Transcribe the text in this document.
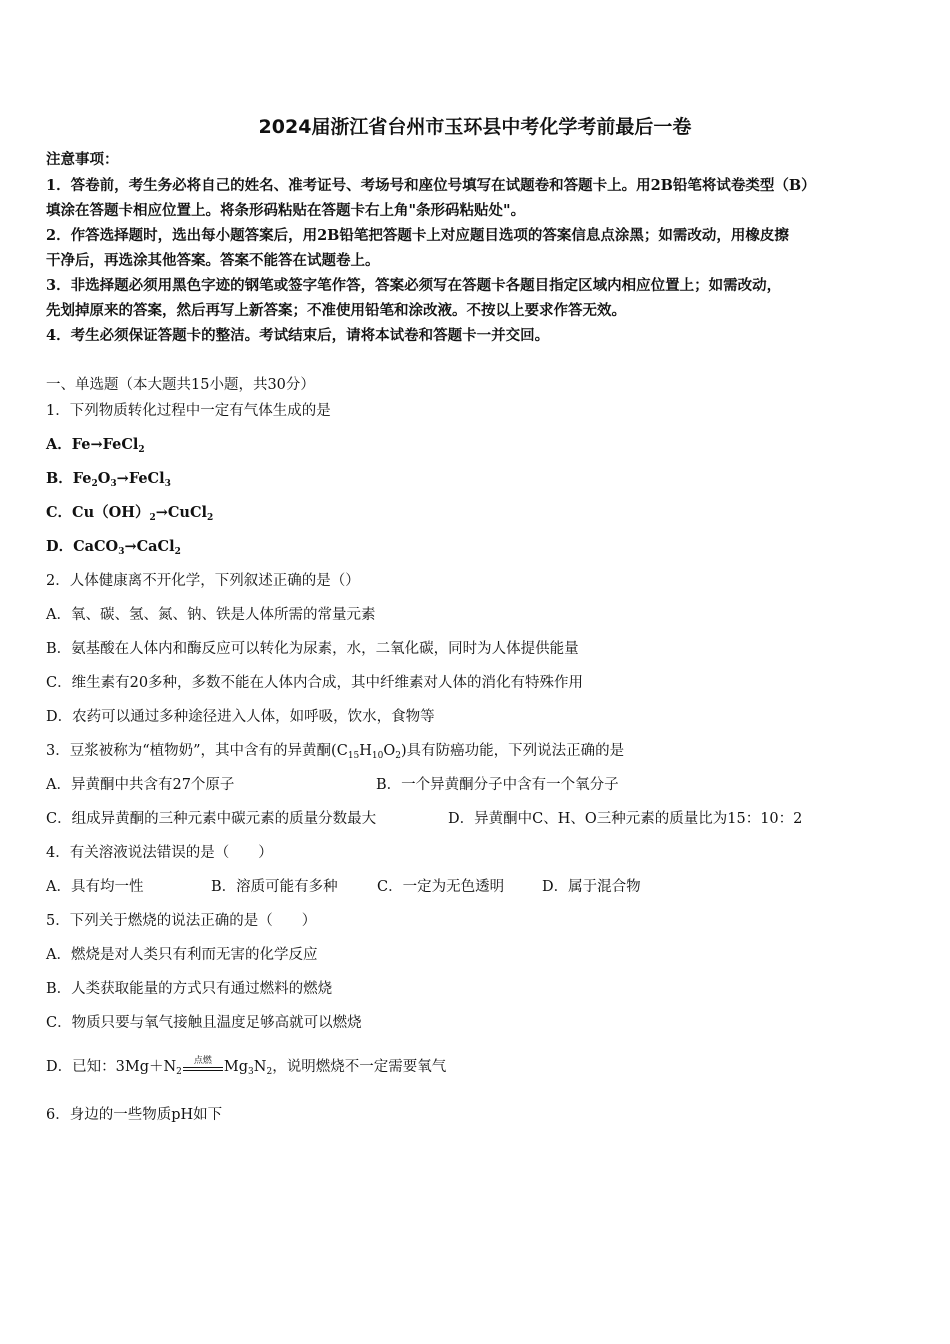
2024届浙江省台州市玉环县中考化学考前最后一卷
注意事项：
1．答卷前，考生务必将自己的姓名、准考证号、考场号和座位号填写在试题卷和答题卡上。用2B铅笔将试卷类型（B）
填涂在答题卡相应位置上。将条形码粘贴在答题卡右上角"条形码粘贴处"。
2．作答选择题时，选出每小题答案后，用2B铅笔把答题卡上对应题目选项的答案信息点涂黑；如需改动，用橡皮擦
干净后，再选涂其他答案。答案不能答在试题卷上。
3．非选择题必须用黑色字迹的钢笔或签字笔作答，答案必须写在答题卡各题目指定区域内相应位置上；如需改动，
先划掉原来的答案，然后再写上新答案；不准使用铅笔和涂改液。不按以上要求作答无效。
4．考生必须保证答题卡的整洁。考试结束后，请将本试卷和答题卡一并交回。
一、单选题（本大题共15小题，共30分）
1．下列物质转化过程中一定有气体生成的是
A．Fe→FeCl$_2$
B．$Fe_2O_3\to FeCl_3$
C．$Cu(OH)_2\to CuCl_2$
D．CaCO$_3$→CaCl$_2$
2．人体健康离不开化学，下列叙述正确的是（）
A．氧、碳、氢、氮、钠、铁是人体所需的常量元素
B．氨基酸在人体内和酶反应可以转化为尿素，水，二氧化碳，同时为人体提供能量
C．维生素有20多种，多数不能在人体内合成，其中纤维素对人体的消化有特殊作用
D．农药可以通过多种途径进入人体，如呼吸，饮水，食物等
3．豆浆被称为“植物奶”，其中含有的异黄酮$(C_{15}H_{10}O_2)$具有防癌功能，下列说法正确的是
A．异黄酮中共含有27个原子	B．一个异黄酮分子中含有一个氧分子
C．组成异黄酮的三种元素中碳元素的质量分数最大	D．异黄酮中C、H、O三种元素的质量比为15：10：2
4．有关溶液说法错误的是（　　）
A．具有均一性	B．溶质可能有多种	C．一定为无色透明	D．属于混合物
5．下列关于燃烧的说法正确的是（　　）
A．燃烧是对人类只有利而无害的化学反应
B．人类获取能量的方式只有通过燃料的燃烧
C．物质只要与氧气接触且温度足够高就可以燃烧
D．已知：$3Mg+N_2$
点燃 $Mg_3N_2$，说明燃烧不一定需要氧气
6．身边的一些物质pH如下
